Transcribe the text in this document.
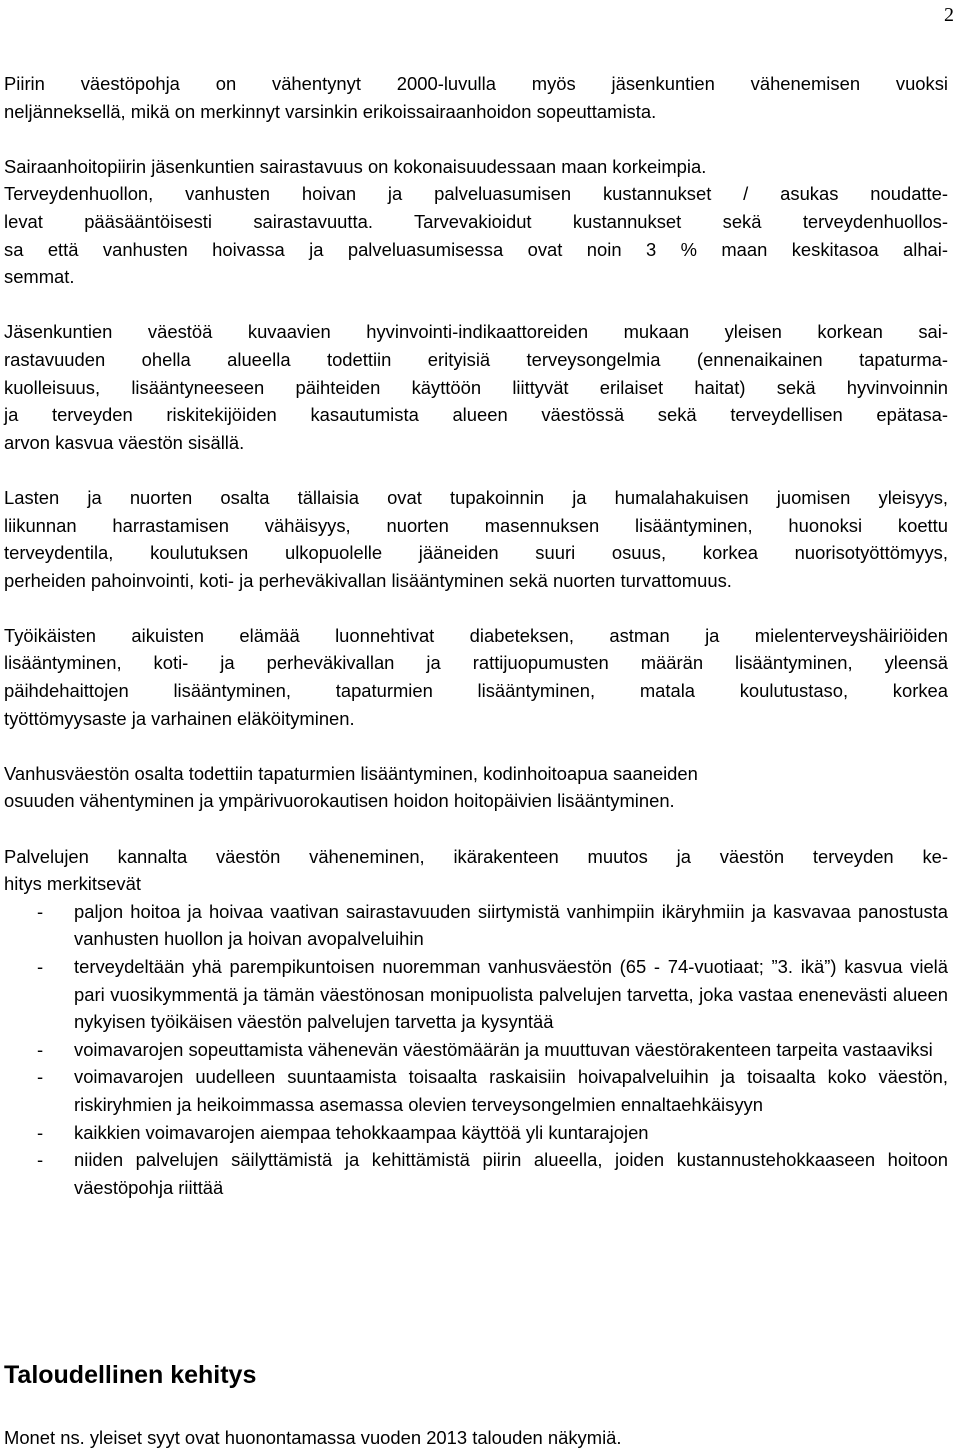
2
Piirin väestöpohja on vähentynyt 2000-luvulla myös jäsenkuntien vähenemisen vuoksi
neljänneksellä, mikä on merkinnyt varsinkin erikoissairaanhoidon sopeuttamista.
Sairaanhoitopiirin jäsenkuntien sairastavuus on kokonaisuudessaan maan korkeimpia.
Terveydenhuollon, vanhusten hoivan ja palveluasumisen kustannukset / asukas noudatte-
levat pääsääntöisesti sairastavuutta. Tarvevakioidut kustannukset sekä terveydenhuollos-
sa että vanhusten hoivassa ja palveluasumisessa ovat noin 3 % maan keskitasoa alhai-
semmat.
Jäsenkuntien väestöä kuvaavien hyvinvointi-indikaattoreiden mukaan yleisen korkean sai-
rastavuuden ohella alueella todettiin erityisiä terveysongelmia (ennenaikainen tapaturma-
kuolleisuus, lisääntyneeseen päihteiden käyttöön liittyvät erilaiset haitat) sekä hyvinvoinnin
ja terveyden riskitekijöiden kasautumista alueen väestössä sekä terveydellisen epätasa-
arvon kasvua väestön sisällä.
Lasten ja nuorten osalta tällaisia ovat tupakoinnin ja humalahakuisen juomisen yleisyys,
liikunnan harrastamisen vähäisyys, nuorten masennuksen lisääntyminen, huonoksi koettu
terveydentila, koulutuksen ulkopuolelle jääneiden suuri osuus, korkea nuorisotyöttömyys,
perheiden pahoinvointi, koti- ja perheväkivallan lisääntyminen sekä nuorten turvattomuus.
Työikäisten aikuisten elämää luonnehtivat diabeteksen, astman ja mielenterveyshäiriöiden
lisääntyminen, koti- ja perheväkivallan ja rattijuopumusten määrän lisääntyminen, yleensä
päihdehaittojen lisääntyminen, tapaturmien lisääntyminen, matala koulutustaso, korkea
työttömyysaste ja varhainen eläköityminen.
Vanhusväestön osalta todettiin tapaturmien lisääntyminen, kodinhoitoapua saaneiden
osuuden vähentyminen ja ympärivuorokautisen hoidon hoitopäivien lisääntyminen.
Palvelujen kannalta väestön väheneminen, ikärakenteen muutos ja väestön terveyden ke-
hitys merkitsevät
- paljon hoitoa ja hoivaa vaativan sairastavuuden siirtymistä vanhimpiin ikäryhmiin ja kasvavaa panostusta vanhusten huollon ja hoivan avopalveluihin
- terveydeltään yhä parempikuntoisen nuoremman vanhusväestön (65 - 74-vuotiaat; ”3. ikä”) kasvua vielä pari vuosikymmentä ja tämän väestönosan monipuolista palvelujen tarvetta, joka vastaa enenevästi alueen nykyisen työikäisen väestön palvelujen tarvetta ja kysyntää
- voimavarojen sopeuttamista vähenevän väestömäärän ja muuttuvan väestörakenteen tarpeita vastaaviksi
- voimavarojen uudelleen suuntaamista toisaalta raskaisiin hoivapalveluihin ja toisaalta koko väestön, riskiryhmien ja heikoimmassa asemassa olevien terveysongelmien ennaltaehkäisyyn
- kaikkien voimavarojen aiempaa tehokkaampaa käyttöä yli kuntarajojen
- niiden palvelujen säilyttämistä ja kehittämistä piirin alueella, joiden kustannustehokkaaseen hoitoon väestöpohja riittää
Taloudellinen kehitys

Monet ns. yleiset syyt ovat huonontamassa vuoden 2013 talouden näkymiä.
